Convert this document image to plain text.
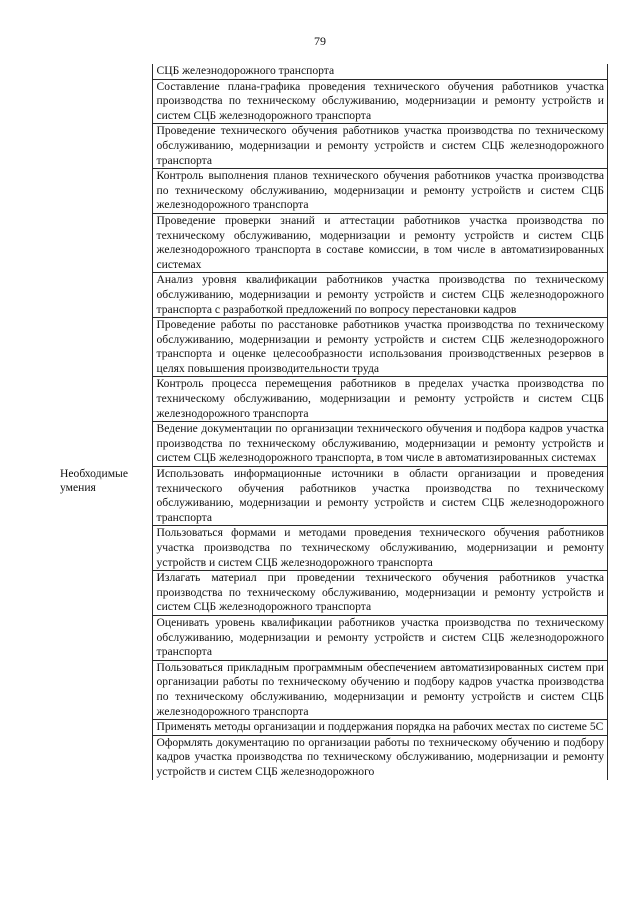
79
	СЦБ железнодорожного транспорта
	Составление плана-графика проведения технического обучения работников участка производства по техническому обслуживанию, модернизации и ремонту устройств и систем СЦБ железнодорожного транспорта
	Проведение технического обучения работников участка производства по техническому обслуживанию, модернизации и ремонту устройств и систем СЦБ железнодорожного транспорта
	Контроль выполнения планов технического обучения работников участка производства по техническому обслуживанию, модернизации и ремонту устройств и систем СЦБ железнодорожного транспорта
	Проведение проверки знаний и аттестации работников участка производства по техническому обслуживанию, модернизации и ремонту устройств и систем СЦБ железнодорожного транспорта в составе комиссии, в том числе в автоматизированных системах
	Анализ уровня квалификации работников участка производства по техническому обслуживанию, модернизации и ремонту устройств и систем СЦБ железнодорожного транспорта с разработкой предложений по вопросу перестановки кадров
	Проведение работы по расстановке работников участка производства по техническому обслуживанию, модернизации и ремонту устройств и систем СЦБ железнодорожного транспорта и оценке целесообразности использования производственных резервов в целях повышения производительности труда
	Контроль процесса перемещения работников в пределах участка производства по техническому обслуживанию, модернизации и ремонту устройств и систем СЦБ железнодорожного транспорта
	Ведение документации по организации технического обучения и подбора кадров участка производства по техническому обслуживанию, модернизации и ремонту устройств и систем СЦБ железнодорожного транспорта, в том числе в автоматизированных системах
Необходимые умения	Использовать информационные источники в области организации и проведения технического обучения работников участка производства по техническому обслуживанию, модернизации и ремонту устройств и систем СЦБ железнодорожного транспорта
	Пользоваться формами и методами проведения технического обучения работников участка производства по техническому обслуживанию, модернизации и ремонту устройств и систем СЦБ железнодорожного транспорта
	Излагать материал при проведении технического обучения работников участка производства по техническому обслуживанию, модернизации и ремонту устройств и систем СЦБ железнодорожного транспорта
	Оценивать уровень квалификации работников участка производства по техническому обслуживанию, модернизации и ремонту устройств и систем СЦБ железнодорожного транспорта
	Пользоваться прикладным программным обеспечением автоматизированных систем при организации работы по техническому обучению и подбору кадров участка производства по техническому обслуживанию, модернизации и ремонту устройств и систем СЦБ железнодорожного транспорта
	Применять методы организации и поддержания порядка на рабочих местах по системе 5С
	Оформлять документацию по организации работы по техническому обучению и подбору кадров участка производства по техническому обслуживанию, модернизации и ремонту устройств и систем СЦБ железнодорожного
